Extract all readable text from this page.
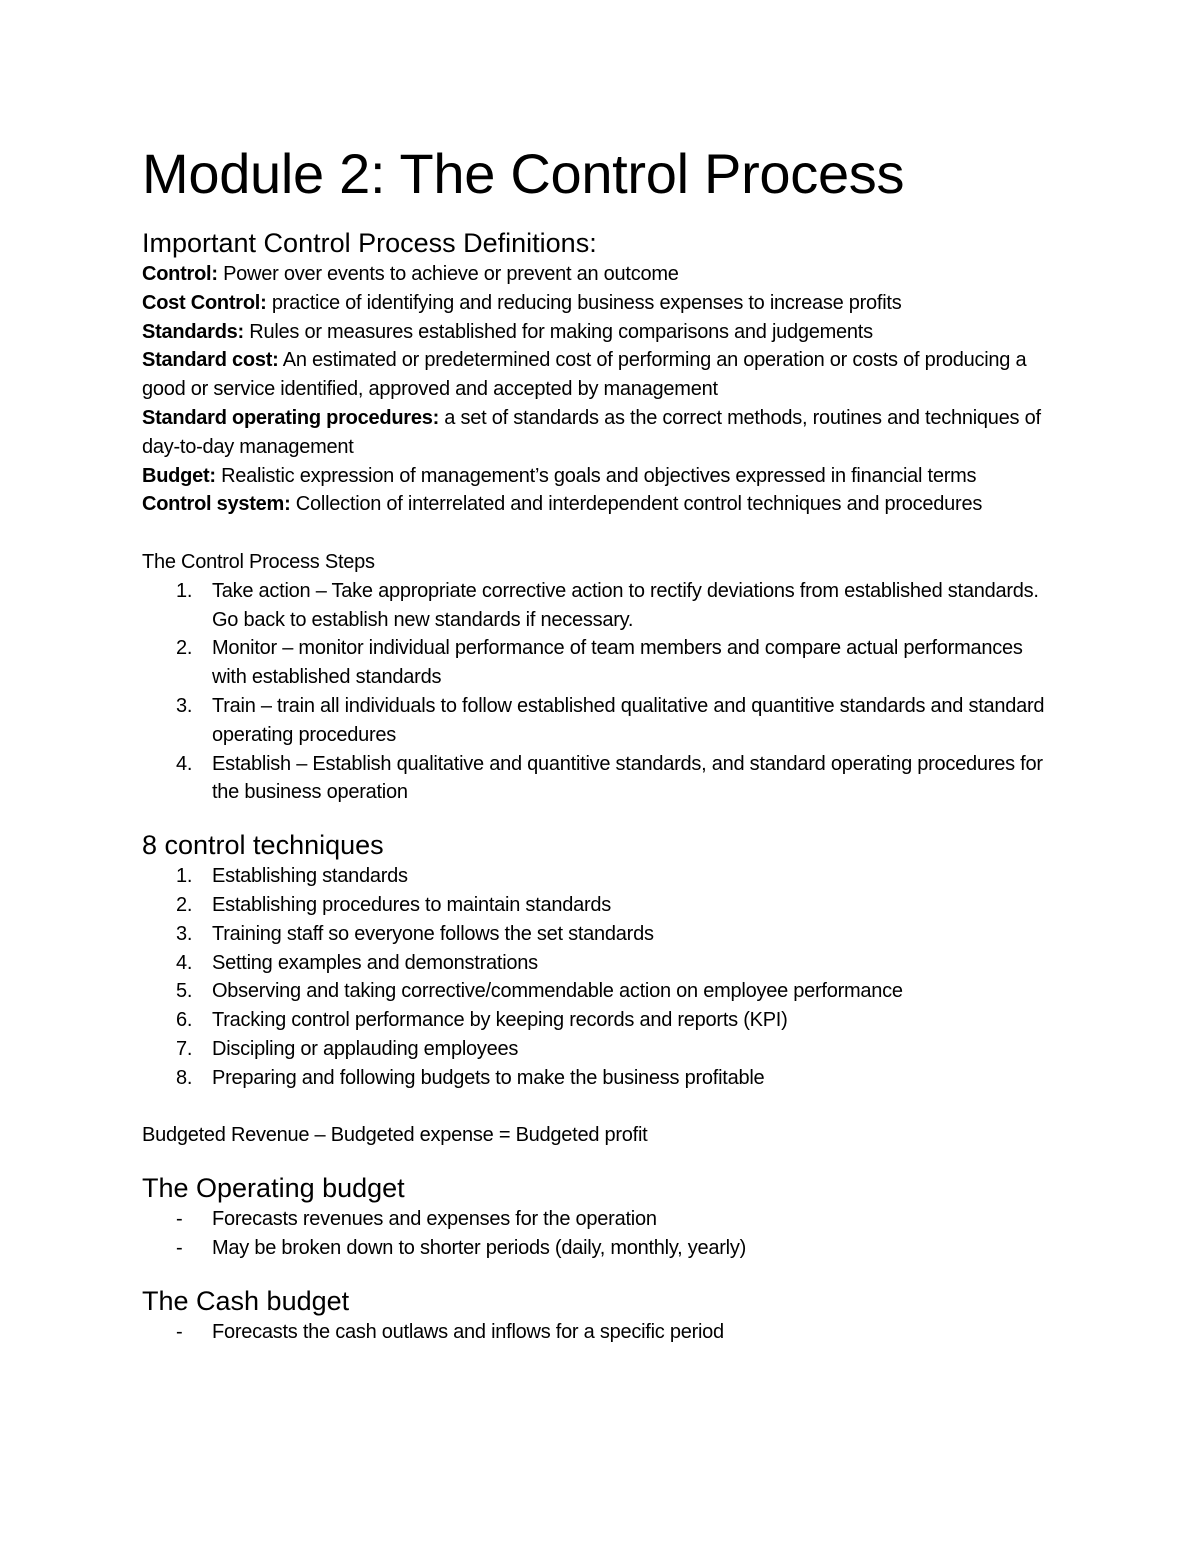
Module 2: The Control Process
Important Control Process Definitions:

Control: Power over events to achieve or prevent an outcome

Cost Control: practice of identifying and reducing business expenses to increase profits

Standards: Rules or measures established for making comparisons and judgements

Standard cost: An estimated or predetermined cost of performing an operation or costs of producing a good or service identified, approved and accepted by management

Standard operating procedures: a set of standards as the correct methods, routines and techniques of day-to-day management

Budget: Realistic expression of management’s goals and objectives expressed in financial terms

Control system: Collection of interrelated and interdependent control techniques and procedures

The Control Process Steps

1. Take action – Take appropriate corrective action to rectify deviations from established standards. Go back to establish new standards if necessary.
2. Monitor – monitor individual performance of team members and compare actual performances with established standards
3. Train – train all individuals to follow established qualitative and quantitive standards and standard operating procedures
4. Establish – Establish qualitative and quantitive standards, and standard operating procedures for the business operation
8 control techniques
1. Establishing standards
2. Establishing procedures to maintain standards
3. Training staff so everyone follows the set standards
4. Setting examples and demonstrations
5. Observing and taking corrective/commendable action on employee performance
6. Tracking control performance by keeping records and reports (KPI)
7. Discipling or applauding employees
8. Preparing and following budgets to make the business profitable

Budgeted Revenue – Budgeted expense = Budgeted profit

The Operating budget
- Forecasts revenues and expenses for the operation
- May be broken down to shorter periods (daily, monthly, yearly)
The Cash budget
- Forecasts the cash outlaws and inflows for a specific period
